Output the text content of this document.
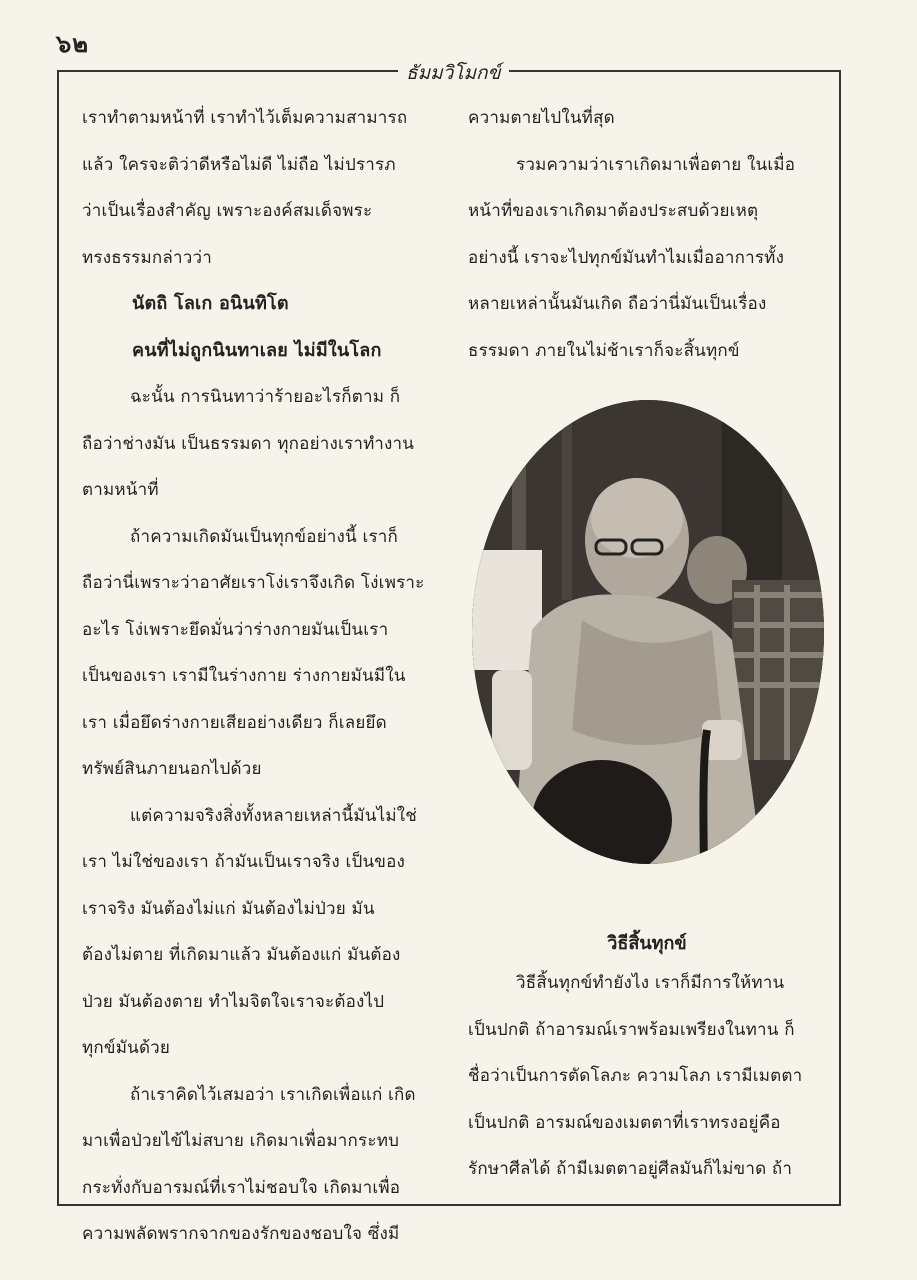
๖๒
ธัมมวิโมกข์
เราทำตามหน้าที่ เราทำไว้เต็มความสามารถ
แล้ว ใครจะติว่าดีหรือไม่ดี ไม่ถือ ไม่ปรารภ
ว่าเป็นเรื่องสำคัญ เพราะองค์สมเด็จพระ
ทรงธรรมกล่าวว่า
นัตถิ โลเก อนินทิโต
คนที่ไม่ถูกนินทาเลย ไม่มีในโลก
ฉะนั้น การนินทาว่าร้ายอะไรก็ตาม ก็
ถือว่าช่างมัน เป็นธรรมดา ทุกอย่างเราทำงาน
ตามหน้าที่
ถ้าความเกิดมันเป็นทุกข์อย่างนี้ เราก็
ถือว่านี่เพราะว่าอาศัยเราโง่เราจึงเกิด โง่เพราะ
อะไร โง่เพราะยึดมั่นว่าร่างกายมันเป็นเรา
เป็นของเรา เรามีในร่างกาย ร่างกายมันมีใน
เรา เมื่อยึดร่างกายเสียอย่างเดียว ก็เลยยึด
ทรัพย์สินภายนอกไปด้วย
แต่ความจริงสิ่งทั้งหลายเหล่านี้มันไม่ใช่
เรา ไม่ใช่ของเรา ถ้ามันเป็นเราจริง เป็นของ
เราจริง มันต้องไม่แก่ มันต้องไม่ป่วย มัน
ต้องไม่ตาย ที่เกิดมาแล้ว มันต้องแก่ มันต้อง
ป่วย มันต้องตาย ทำไมจิตใจเราจะต้องไป
ทุกข์มันด้วย
ถ้าเราคิดไว้เสมอว่า เราเกิดเพื่อแก่ เกิด
มาเพื่อป่วยไข้ไม่สบาย เกิดมาเพื่อมากระทบ
กระทั่งกับอารมณ์ที่เราไม่ชอบใจ เกิดมาเพื่อ
ความพลัดพรากจากของรักของชอบใจ ซึ่งมี
ความตายไปในที่สุด
รวมความว่าเราเกิดมาเพื่อตาย ในเมื่อ
หน้าที่ของเราเกิดมาต้องประสบด้วยเหตุ
อย่างนี้ เราจะไปทุกข์มันทำไมเมื่ออาการทั้ง
หลายเหล่านั้นมันเกิด ถือว่านี่มันเป็นเรื่อง
ธรรมดา ภายในไม่ช้าเราก็จะสิ้นทุกข์
วิธีสิ้นทุกข์
วิธีสิ้นทุกข์ทำยังไง เราก็มีการให้ทาน
เป็นปกติ ถ้าอารมณ์เราพร้อมเพรียงในทาน ก็
ชื่อว่าเป็นการตัดโลภะ ความโลภ เรามีเมตตา
เป็นปกติ อารมณ์ของเมตตาที่เราทรงอยู่คือ
รักษาศีลได้ ถ้ามีเมตตาอยู่ศีลมันก็ไม่ขาด ถ้า
